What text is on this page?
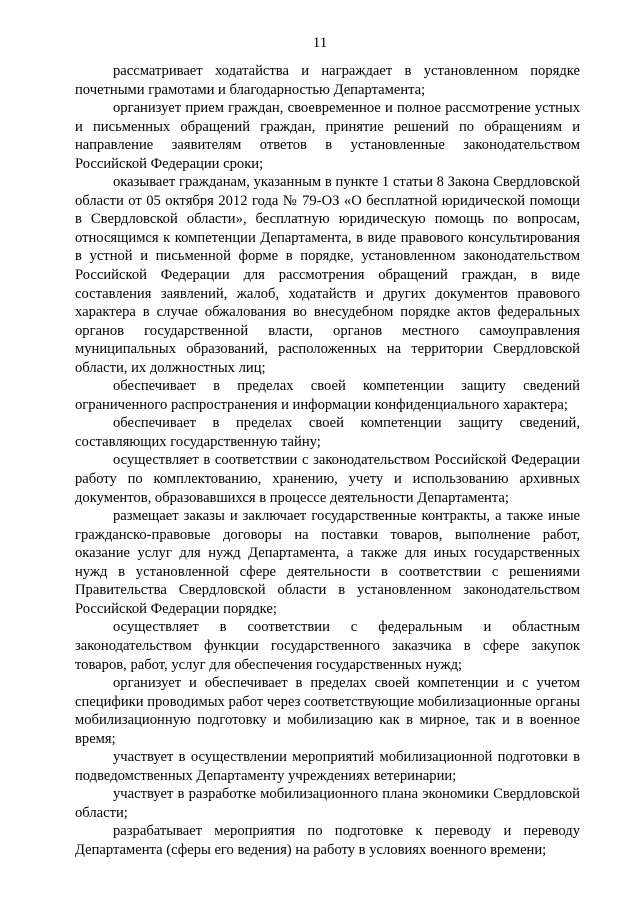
11

рассматривает ходатайства и награждает в установленном порядке почетными грамотами и благодарностью Департамента;

организует прием граждан, своевременное и полное рассмотрение устных и письменных обращений граждан, принятие решений по обращениям и направление заявителям ответов в установленные законодательством Российской Федерации сроки;

оказывает гражданам, указанным в пункте 1 статьи 8 Закона Свердловской области от 05 октября 2012 года № 79-ОЗ «О бесплатной юридической помощи в Свердловской области», бесплатную юридическую помощь по вопросам, относящимся к компетенции Департамента, в виде правового консультирования в устной и письменной форме в порядке, установленном законодательством Российской Федерации для рассмотрения обращений граждан, в виде составления заявлений, жалоб, ходатайств и других документов правового характера в случае обжалования во внесудебном порядке актов федеральных органов государственной власти, органов местного самоуправления муниципальных образований, расположенных на территории Свердловской области, их должностных лиц;

обеспечивает в пределах своей компетенции защиту сведений ограниченного распространения и информации конфиденциального характера;

обеспечивает в пределах своей компетенции защиту сведений, составляющих государственную тайну;

осуществляет в соответствии с законодательством Российской Федерации работу по комплектованию, хранению, учету и использованию архивных документов, образовавшихся в процессе деятельности Департамента;

размещает заказы и заключает государственные контракты, а также иные гражданско-правовые договоры на поставки товаров, выполнение работ, оказание услуг для нужд Департамента, а также для иных государственных нужд в установленной сфере деятельности в соответствии с решениями Правительства Свердловской области в установленном законодательством Российской Федерации порядке;

осуществляет в соответствии с федеральным и областным законодательством функции государственного заказчика в сфере закупок товаров, работ, услуг для обеспечения государственных нужд;

организует и обеспечивает в пределах своей компетенции и с учетом специфики проводимых работ через соответствующие мобилизационные органы мобилизационную подготовку и мобилизацию как в мирное, так и в военное время;

участвует в осуществлении мероприятий мобилизационной подготовки в подведомственных Департаменту учреждениях ветеринарии;

участвует в разработке мобилизационного плана экономики Свердловской области;

разрабатывает мероприятия по подготовке к переводу и переводу Департамента (сферы его ведения) на работу в условиях военного времени;
